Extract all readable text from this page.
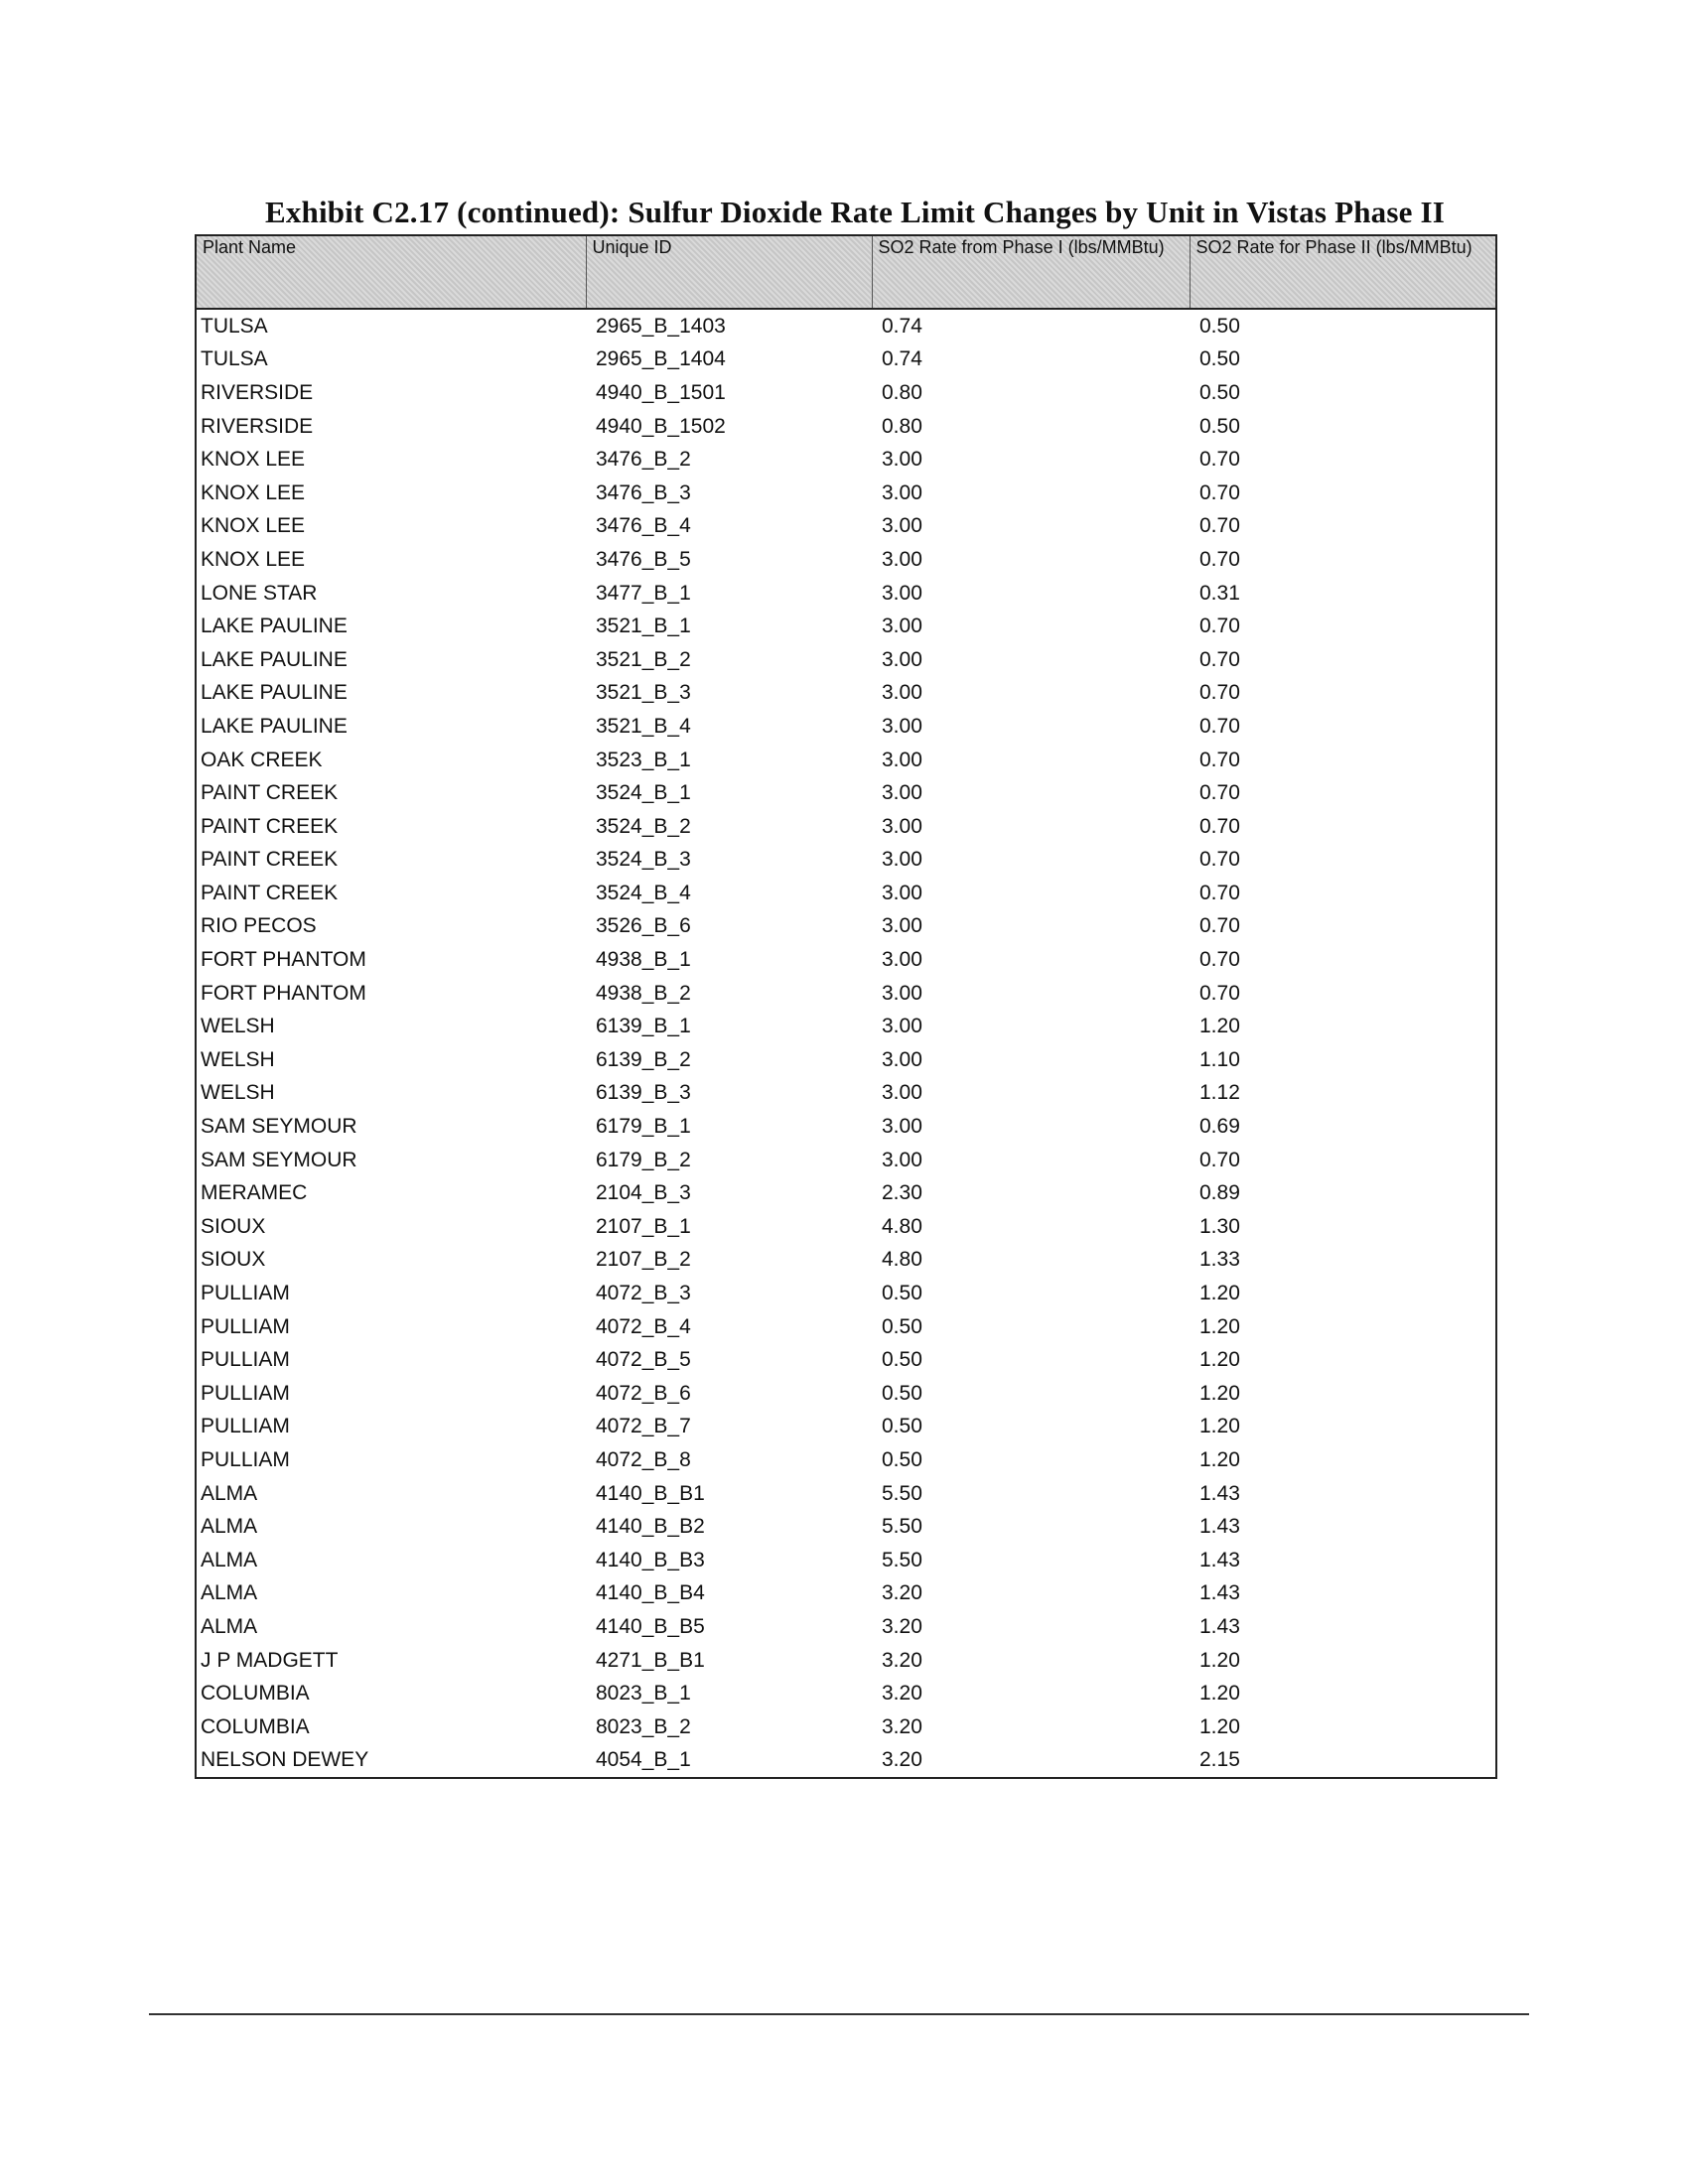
Exhibit C2.17 (continued): Sulfur Dioxide Rate Limit Changes by Unit in Vistas Phase II
Plant Name	Unique ID	SO2 Rate from Phase I (lbs/MMBtu)	SO2 Rate for Phase II (lbs/MMBtu)
TULSA	2965_B_1403	0.74	0.50
TULSA	2965_B_1404	0.74	0.50
RIVERSIDE	4940_B_1501	0.80	0.50
RIVERSIDE	4940_B_1502	0.80	0.50
KNOX LEE	3476_B_2	3.00	0.70
KNOX LEE	3476_B_3	3.00	0.70
KNOX LEE	3476_B_4	3.00	0.70
KNOX LEE	3476_B_5	3.00	0.70
LONE STAR	3477_B_1	3.00	0.31
LAKE PAULINE	3521_B_1	3.00	0.70
LAKE PAULINE	3521_B_2	3.00	0.70
LAKE PAULINE	3521_B_3	3.00	0.70
LAKE PAULINE	3521_B_4	3.00	0.70
OAK CREEK	3523_B_1	3.00	0.70
PAINT CREEK	3524_B_1	3.00	0.70
PAINT CREEK	3524_B_2	3.00	0.70
PAINT CREEK	3524_B_3	3.00	0.70
PAINT CREEK	3524_B_4	3.00	0.70
RIO PECOS	3526_B_6	3.00	0.70
FORT PHANTOM	4938_B_1	3.00	0.70
FORT PHANTOM	4938_B_2	3.00	0.70
WELSH	6139_B_1	3.00	1.20
WELSH	6139_B_2	3.00	1.10
WELSH	6139_B_3	3.00	1.12
SAM SEYMOUR	6179_B_1	3.00	0.69
SAM SEYMOUR	6179_B_2	3.00	0.70
MERAMEC	2104_B_3	2.30	0.89
SIOUX	2107_B_1	4.80	1.30
SIOUX	2107_B_2	4.80	1.33
PULLIAM	4072_B_3	0.50	1.20
PULLIAM	4072_B_4	0.50	1.20
PULLIAM	4072_B_5	0.50	1.20
PULLIAM	4072_B_6	0.50	1.20
PULLIAM	4072_B_7	0.50	1.20
PULLIAM	4072_B_8	0.50	1.20
ALMA	4140_B_B1	5.50	1.43
ALMA	4140_B_B2	5.50	1.43
ALMA	4140_B_B3	5.50	1.43
ALMA	4140_B_B4	3.20	1.43
ALMA	4140_B_B5	3.20	1.43
J P MADGETT	4271_B_B1	3.20	1.20
COLUMBIA	8023_B_1	3.20	1.20
COLUMBIA	8023_B_2	3.20	1.20
NELSON DEWEY	4054_B_1	3.20	2.15
